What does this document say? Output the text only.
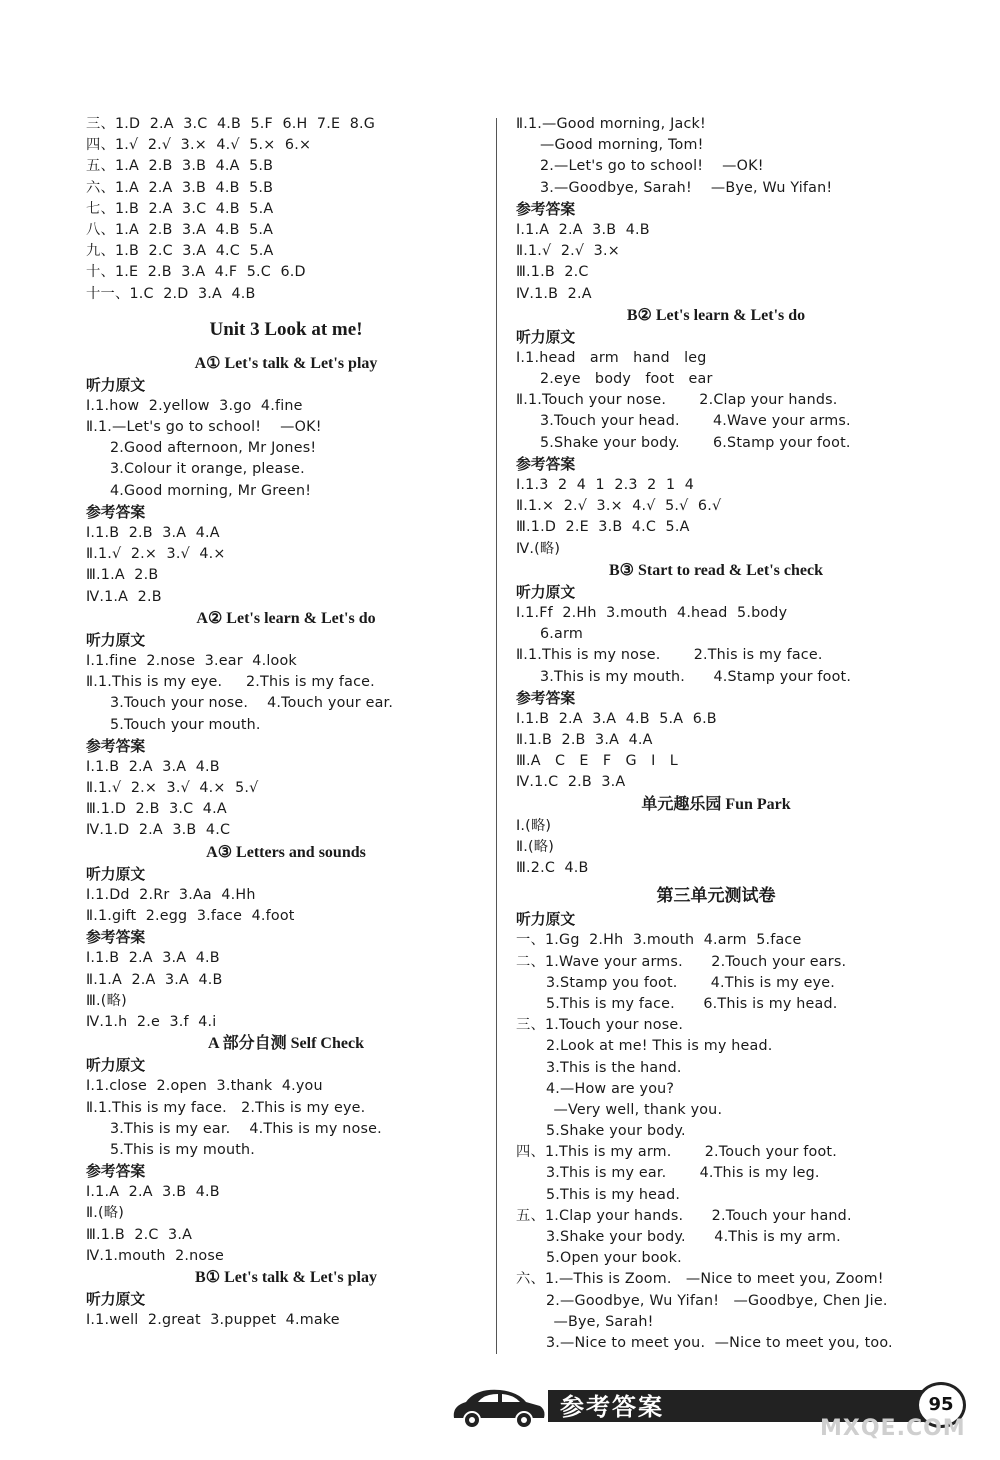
三、1.D  2.A  3.C  4.B  5.F  6.H  7.E  8.G
四、1.√  2.√  3.×  4.√  5.×  6.×
五、1.A  2.B  3.B  4.A  5.B
六、1.A  2.A  3.B  4.B  5.B
七、1.B  2.A  3.C  4.B  5.A
八、1.A  2.B  3.A  4.B  5.A
九、1.B  2.C  3.A  4.C  5.A
十、1.E  2.B  3.A  4.F  5.C  6.D
十一、1.C  2.D  3.A  4.B
Unit 3 Look at me!
A① Let's talk & Let's play
听力原文
Ⅰ.1.how  2.yellow  3.go  4.fine
Ⅱ.1.—Let's go to school!    —OK!
2.Good afternoon, Mr Jones!
3.Colour it orange, please.
4.Good morning, Mr Green!
参考答案
Ⅰ.1.B  2.B  3.A  4.A
Ⅱ.1.√  2.×  3.√  4.×
Ⅲ.1.A  2.B
Ⅳ.1.A  2.B
A② Let's learn & Let's do
听力原文
Ⅰ.1.fine  2.nose  3.ear  4.look
Ⅱ.1.This is my eye.     2.This is my face.
3.Touch your nose.    4.Touch your ear.
5.Touch your mouth.
参考答案
Ⅰ.1.B  2.A  3.A  4.B
Ⅱ.1.√  2.×  3.√  4.×  5.√
Ⅲ.1.D  2.B  3.C  4.A
Ⅳ.1.D  2.A  3.B  4.C
A③ Letters and sounds
听力原文
Ⅰ.1.Dd  2.Rr  3.Aa  4.Hh
Ⅱ.1.gift  2.egg  3.face  4.foot
参考答案
Ⅰ.1.B  2.A  3.A  4.B
Ⅱ.1.A  2.A  3.A  4.B
Ⅲ.(略)
Ⅳ.1.h  2.e  3.f  4.i
A 部分自测 Self Check
听力原文
Ⅰ.1.close  2.open  3.thank  4.you
Ⅱ.1.This is my face.   2.This is my eye.
3.This is my ear.    4.This is my nose.
5.This is my mouth.
参考答案
Ⅰ.1.A  2.A  3.B  4.B
Ⅱ.(略)
Ⅲ.1.B  2.C  3.A
Ⅳ.1.mouth  2.nose
B① Let's talk & Let's play
听力原文
Ⅰ.1.well  2.great  3.puppet  4.make
Ⅱ.1.—Good morning, Jack!
—Good morning, Tom!
2.—Let's go to school!    —OK!
3.—Goodbye, Sarah!    —Bye, Wu Yifan!
参考答案
Ⅰ.1.A  2.A  3.B  4.B
Ⅱ.1.√  2.√  3.×
Ⅲ.1.B  2.C
Ⅳ.1.B  2.A
B② Let's learn & Let's do
听力原文
Ⅰ.1.head   arm   hand   leg
2.eye   body   foot   ear
Ⅱ.1.Touch your nose.       2.Clap your hands.
3.Touch your head.       4.Wave your arms.
5.Shake your body.       6.Stamp your foot.
参考答案
Ⅰ.1.3  2  4  1  2.3  2  1  4
Ⅱ.1.×  2.√  3.×  4.√  5.√  6.√
Ⅲ.1.D  2.E  3.B  4.C  5.A
Ⅳ.(略)
B③ Start to read & Let's check
听力原文
Ⅰ.1.Ff  2.Hh  3.mouth  4.head  5.body
6.arm
Ⅱ.1.This is my nose.       2.This is my face.
3.This is my mouth.      4.Stamp your foot.
参考答案
Ⅰ.1.B  2.A  3.A  4.B  5.A  6.B
Ⅱ.1.B  2.B  3.A  4.A
Ⅲ.A   C   E   F   G   I   L
Ⅳ.1.C  2.B  3.A
单元趣乐园 Fun Park
Ⅰ.(略)
Ⅱ.(略)
Ⅲ.2.C  4.B
第三单元测试卷
听力原文
一、1.Gg  2.Hh  3.mouth  4.arm  5.face
二、1.Wave your arms.      2.Touch your ears.
3.Stamp you foot.       4.This is my eye.
5.This is my face.      6.This is my head.
三、1.Touch your nose.
2.Look at me! This is my head.
3.This is the hand.
4.—How are you?
—Very well, thank you.
5.Shake your body.
四、1.This is my arm.       2.Touch your foot.
3.This is my ear.       4.This is my leg.
5.This is my head.
五、1.Clap your hands.      2.Touch your hand.
3.Shake your body.      4.This is my arm.
5.Open your book.
六、1.—This is Zoom.   —Nice to meet you, Zoom!
2.—Goodbye, Wu Yifan!   —Goodbye, Chen Jie.
—Bye, Sarah!
3.—Nice to meet you.  —Nice to meet you, too.
参考答案	95
MXQE.COM
